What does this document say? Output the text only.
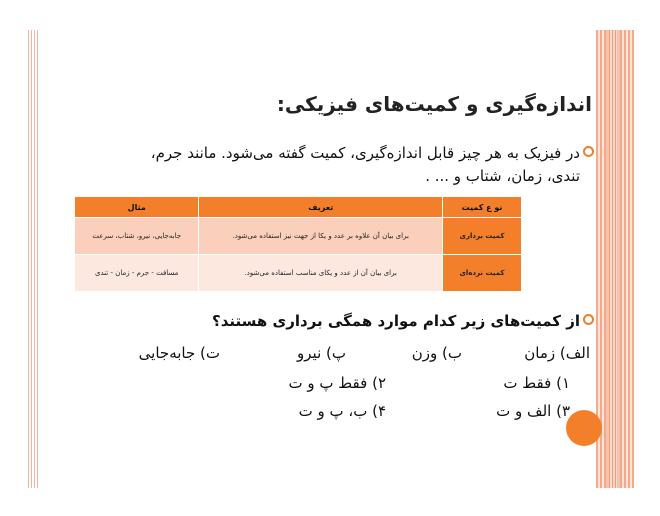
اندازه‌گیری و کمیت‌های فیزیکی:
در فیزیک به هر چیز قابل اندازه‌گیری، کمیت گفته می‌شود. مانند جرم،
تندی، زمان، شتاب و ... .
نو ع کمیت	تعریف	مثال
کمیت برداری	برای بیان آن علاوه بر عدد و یکا از جهت نیز استفاده می‌شود.	جابه‌جایی، نیرو، شتاب، سرعت
کمیت نرده‌ای	برای بیان آن از عدد و یکای مناسب استفاده می‌شود.	مسافت - جرم - زمان - تندی
از کمیت‌های زیر کدام موارد همگی برداری هستند؟
الف) زمان
ب) وزن
پ) نیرو
ت) جابه‌جایی
۱) فقط ت
۲) فقط پ و ت
۳) الف و ت
۴) ب، پ و ت
